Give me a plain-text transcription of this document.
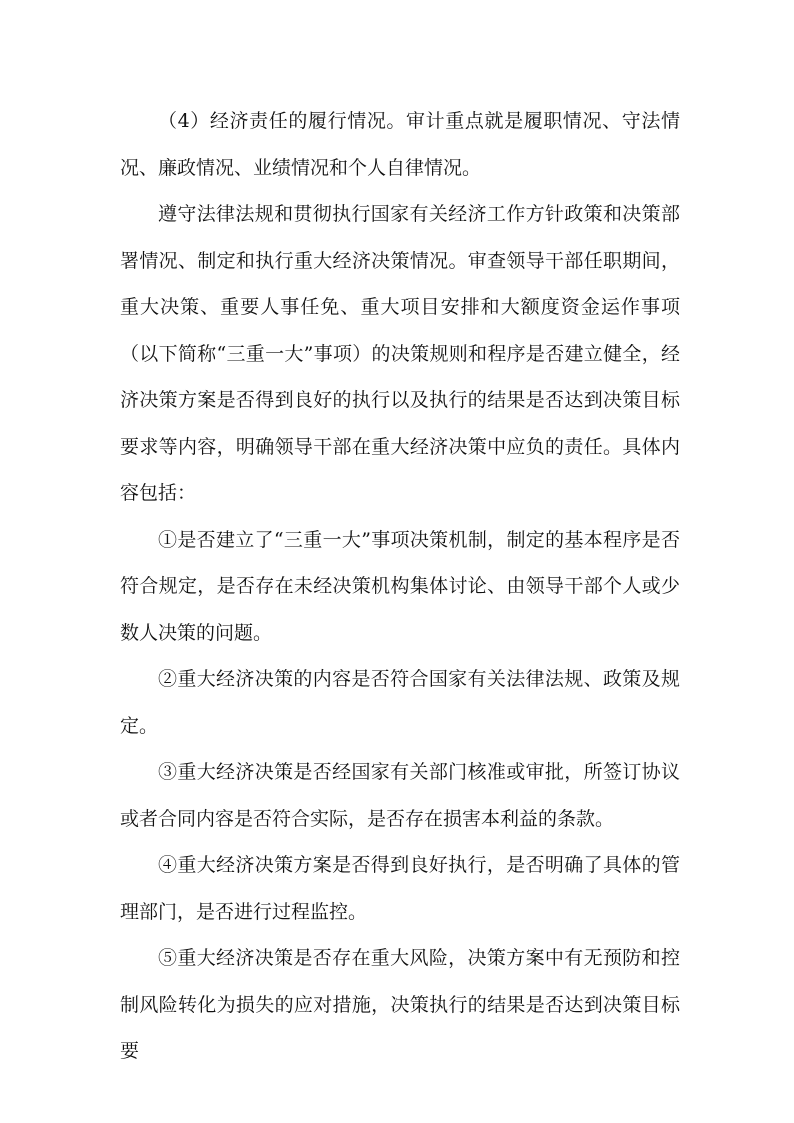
（4）经济责任的履行情况。审计重点就是履职情况、守法情况、廉政情况、业绩情况和个人自律情况。

遵守法律法规和贯彻执行国家有关经济工作方针政策和决策部署情况、制定和执行重大经济决策情况。审查领导干部任职期间，重大决策、重要人事任免、重大项目安排和大额度资金运作事项（以下简称“三重一大”事项）的决策规则和程序是否建立健全，经济决策方案是否得到良好的执行以及执行的结果是否达到决策目标要求等内容，明确领导干部在重大经济决策中应负的责任。具体内容包括：

①是否建立了“三重一大”事项决策机制，制定的基本程序是否符合规定，是否存在未经决策机构集体讨论、由领导干部个人或少数人决策的问题。

②重大经济决策的内容是否符合国家有关法律法规、政策及规定。

③重大经济决策是否经国家有关部门核准或审批，所签订协议或者合同内容是否符合实际，是否存在损害本利益的条款。

④重大经济决策方案是否得到良好执行，是否明确了具体的管理部门，是否进行过程监控。

⑤重大经济决策是否存在重大风险，决策方案中有无预防和控制风险转化为损失的应对措施，决策执行的结果是否达到决策目标要
